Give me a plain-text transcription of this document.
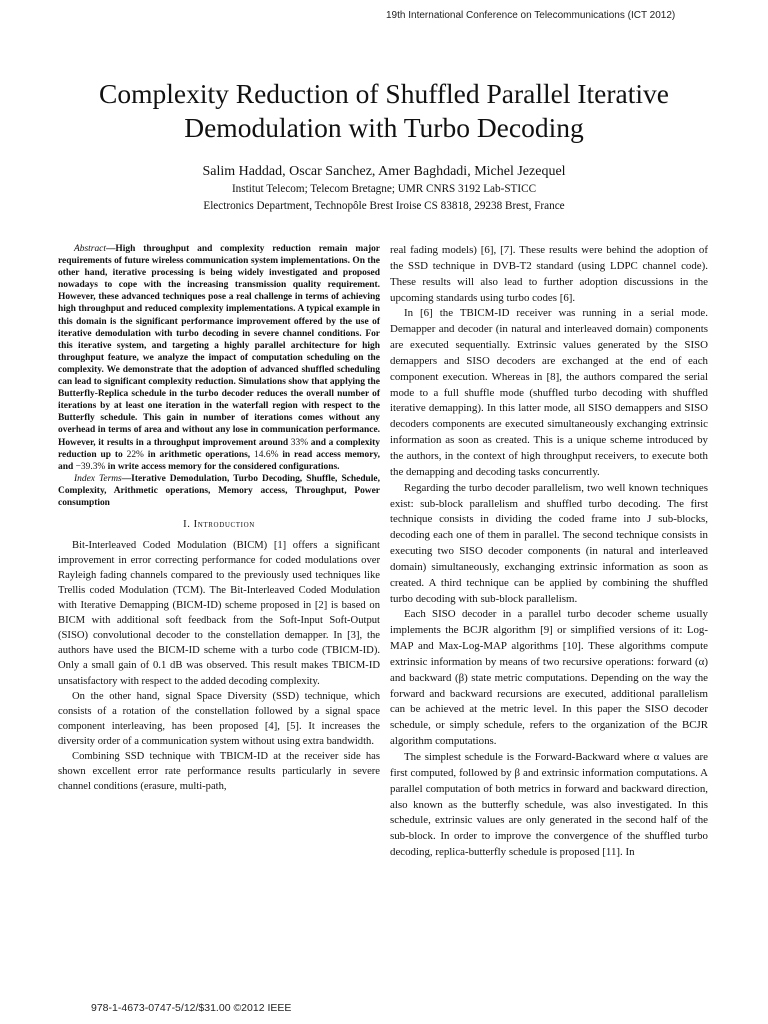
19th International Conference on Telecommunications (ICT 2012)
Complexity Reduction of Shuffled Parallel Iterative
Demodulation with Turbo Decoding
Salim Haddad, Oscar Sanchez, Amer Baghdadi, Michel Jezequel
Institut Telecom; Telecom Bretagne; UMR CNRS 3192 Lab-STICC
Electronics Department, Technopôle Brest Iroise CS 83818, 29238 Brest, France

Abstract—High throughput and complexity reduction remain major requirements of future wireless communication system implementations. On the other hand, iterative processing is being widely investigated and proposed nowadays to cope with the increasing transmission quality requirement. However, these advanced techniques pose a real challenge in terms of achieving high throughput and reduced complexity implementations. A typical example in this domain is the significant performance improvement offered by the use of iterative demodulation with turbo decoding in severe channel conditions. For this iterative system, and targeting a highly parallel architecture for high throughput feature, we analyze the impact of computation scheduling on the complexity. We demonstrate that the adoption of advanced shuffled scheduling can lead to significant complexity reduction. Simulations show that applying the Butterfly-Replica schedule in the turbo decoder reduces the overall number of iterations by at least one iteration in the waterfall region with respect to the Butterfly schedule. This gain in number of iterations comes without any overhead in terms of area and without any lose in communication performance. However, it results in a throughput improvement around 33% and a complexity reduction up to 22% in arithmetic operations, 14.6% in read access memory, and −39.3% in write access memory for the considered configurations.

Index Terms—Iterative Demodulation, Turbo Decoding, Shuffle, Schedule, Complexity, Arithmetic operations, Memory access, Throughput, Power consumption

I. Introduction

Bit-Interleaved Coded Modulation (BICM) [1] offers a significant improvement in error correcting performance for coded modulations over Rayleigh fading channels compared to the previously used techniques like Trellis coded Modulation (TCM). The Bit-Interleaved Coded Modulation with Iterative Demapping (BICM-ID) scheme proposed in [2] is based on BICM with additional soft feedback from the Soft-Input Soft-Output (SISO) convolutional decoder to the constellation demapper. In [3], the authors have used the BICM-ID scheme with a turbo code (TBICM-ID). Only a small gain of 0.1 dB was observed. This result makes TBICM-ID unsatisfactory with respect to the added decoding complexity.

On the other hand, signal Space Diversity (SSD) technique, which consists of a rotation of the constellation followed by a signal space component interleaving, has been proposed [4], [5]. It increases the diversity order of a communication system without using extra bandwidth.

Combining SSD technique with TBICM-ID at the receiver side has shown excellent error rate performance results particularly in severe channel conditions (erasure, multi-path,

real fading models) [6], [7]. These results were behind the adoption of the SSD technique in DVB-T2 standard (using LDPC channel code). These results will also lead to further adoption discussions in the upcoming standards using turbo codes [6].

In [6] the TBICM-ID receiver was running in a serial mode. Demapper and decoder (in natural and interleaved domain) components are executed sequentially. Extrinsic values generated by the SISO demappers and SISO decoders are exchanged at the end of each component execution. Whereas in [8], the authors compared the serial mode to a full shuffle mode (shuffled turbo decoding with shuffled iterative demapping). In this latter mode, all SISO demappers and SISO decoders components are executed simultaneously exchanging extrinsic information as soon as created. This is a unique scheme introduced by the authors, in the context of high throughput receivers, to execute both the demapping and decoding tasks concurrently.

Regarding the turbo decoder parallelism, two well known techniques exist: sub-block parallelism and shuffled turbo decoding. The first technique consists in dividing the coded frame into J sub-blocks, decoding each one of them in parallel. The second technique consists in executing two SISO decoder components (in natural and interleaved domain) simultaneously, exchanging extrinsic information as soon as created. A third technique can be applied by combining the shuffled turbo decoding with sub-block parallelism.

Each SISO decoder in a parallel turbo decoder scheme usually implements the BCJR algorithm [9] or simplified versions of it: Log-MAP and Max-Log-MAP algorithms [10]. These algorithms compute extrinsic information by means of two recursive operations: forward (α) and backward (β) state metric computations. Depending on the way the forward and backward recursions are executed, additional parallelism can be achieved at the metric level. In this paper the SISO decoder schedule, or simply schedule, refers to the organization of the BCJR algorithm computations.

The simplest schedule is the Forward-Backward where α values are first computed, followed by β and extrinsic information computations. A parallel computation of both metrics in forward and backward direction, also known as the butterfly schedule, was also investigated. In this schedule, extrinsic values are only generated in the second half of the sub-block. In order to improve the convergence of the shuffled turbo decoding, replica-butterfly schedule is proposed [11]. In

978-1-4673-0747-5/12/$31.00 ©2012 IEEE
